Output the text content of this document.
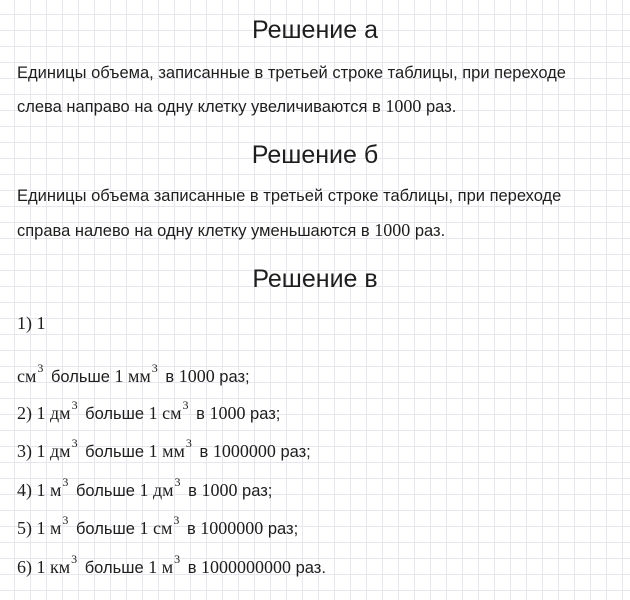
Решение а
Единицы объема, записанные в третьей строке таблицы, при переходе
слева направо на одну клетку увеличиваются в 1000 раз.
Решение б
Единицы объема записанные в третьей строке таблицы, при переходе
справа налево на одну клетку уменьшаются в 1000 раз.
Решение в
1) 1
$см^3$ больше 1 $мм^3$ в 1000 раз;
2) 1 $дм^3$ больше 1 $см^3$ в 1000 раз;
3) 1 $дм^3$ больше 1 $мм^3$ в 1000000 раз;
4) 1 $м^3$ больше 1 $дм^3$ в 1000 раз;
5) 1 $м^3$ больше 1 $см^3$ в 1000000 раз;
6) 1 $км^3$ больше 1 $м^3$ в 1000000000 раз.
